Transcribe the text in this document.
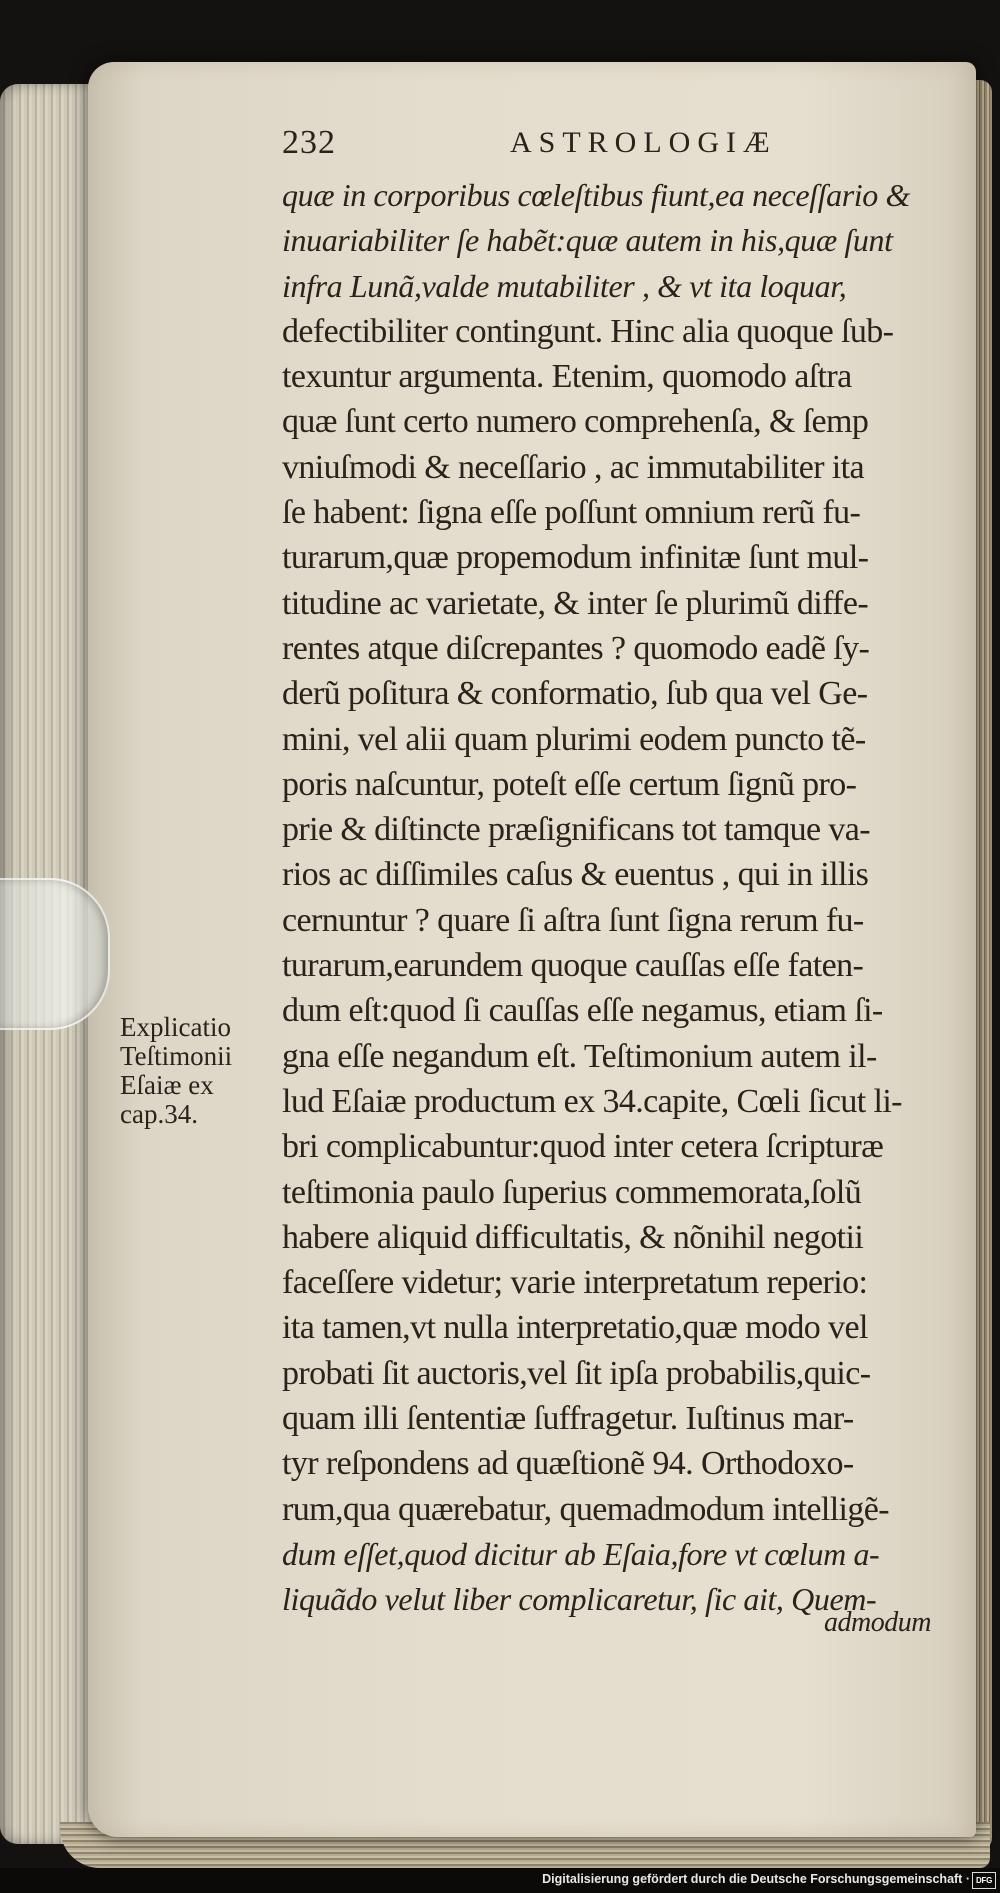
232	ASTROLOGIÆ
quæ in corporibus cœleſtibus fiunt,ea neceſſario &
inuariabiliter ſe habẽt:quæ autem in his,quæ ſunt
infra Lunã,valde mutabiliter , & vt ita loquar,
defectibiliter contingunt. Hinc alia quoque ſub-
texuntur argumenta. Etenim, quomodo aſtra
quæ ſunt certo numero comprehenſa, & ſemp
vniuſmodi & neceſſario , ac immutabiliter ita
ſe habent: ſigna eſſe poſſunt omnium rerũ fu-
turarum,quæ propemodum infinitæ ſunt mul-
titudine ac varietate, & inter ſe plurimũ diffe-
rentes atque diſcrepantes ? quomodo eadẽ ſy-
derũ poſitura & conformatio, ſub qua vel Ge-
mini, vel alii quam plurimi eodem puncto tẽ-
poris naſcuntur, poteſt eſſe certum ſignũ pro-
prie & diſtincte præſignificans tot tamque va-
rios ac diſſimiles caſus & euentus , qui in illis
cernuntur ? quare ſi aſtra ſunt ſigna rerum fu-
turarum,earundem quoque cauſſas eſſe faten-
dum eſt:quod ſi cauſſas eſſe negamus, etiam ſi-
gna eſſe negandum eſt. Teſtimonium autem il-
lud Eſaiæ productum ex 34.capite, Cœli ſicut li-
bri complicabuntur:quod inter cetera ſcripturæ
teſtimonia paulo ſuperius commemorata,ſolũ
habere aliquid difficultatis, & nõnihil negotii
faceſſere videtur; varie interpretatum reperio:
ita tamen,vt nulla interpretatio,quæ modo vel
probati ſit auctoris,vel ſit ipſa probabilis,quic-
quam illi ſententiæ ſuffragetur. Iuſtinus mar-
tyr reſpondens ad quæſtionẽ 94. Orthodoxo-
rum,qua quærebatur, quemadmodum intelligẽ-
dum eſſet,quod dicitur ab Eſaia,fore vt cœlum a-
liquãdo velut liber complicaretur, ſic ait, Quem-
Explicatio
Teſtimonii
Eſaiæ ex
cap.34.
admodum
Digitalisierung gefördert durch die Deutsche Forschungsgemeinschaft · DFG
